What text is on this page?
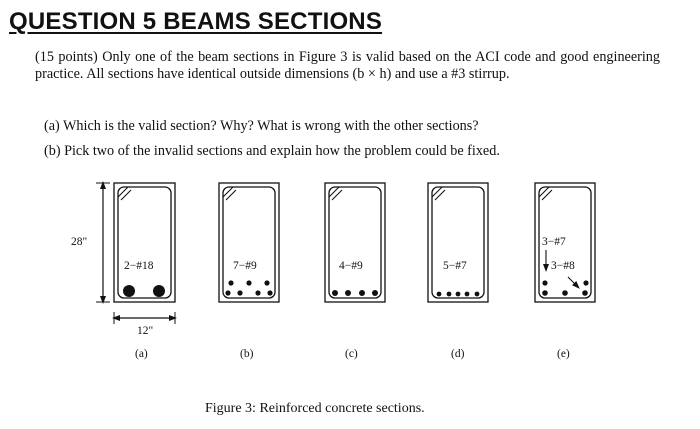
QUESTION 5 BEAMS SECTIONS
(15 points) Only one of the beam sections in Figure 3 is valid based on the ACI code and good engineering practice. All sections have identical outside dimensions (b × h) and use a #3 stirrup.
(a) Which is the valid section? Why? What is wrong with the other sections?
(b) Pick two of the invalid sections and explain how the problem could be fixed.
28"
12"
2−#18	7−#9	4−#9	5−#7
3−#7
3−#8
(a)	(b)	(c)	(d)	(e)
Figure 3: Reinforced concrete sections.
